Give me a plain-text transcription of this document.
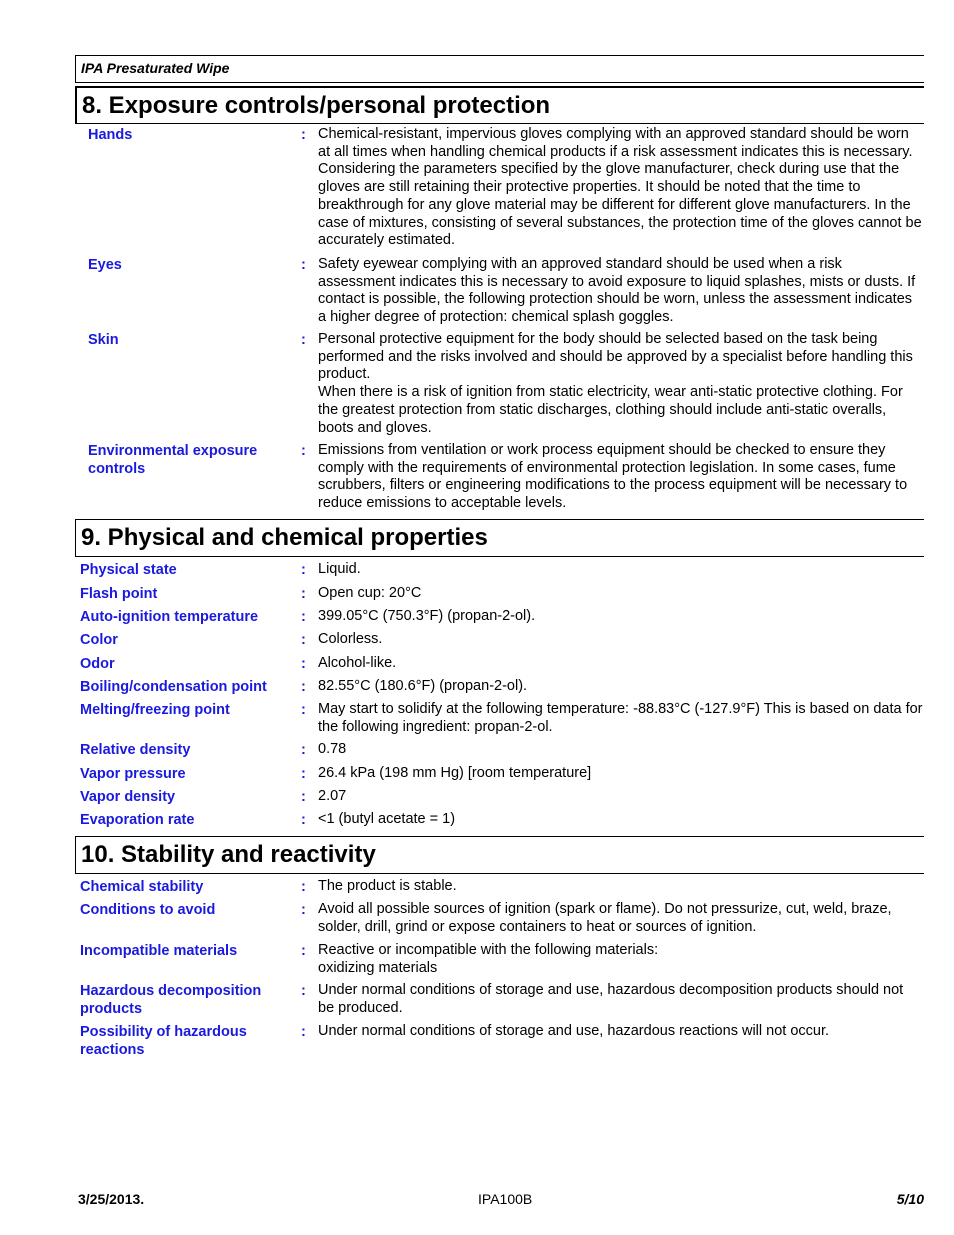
IPA Presaturated Wipe
8. Exposure controls/personal protection
Hands	: Chemical-resistant, impervious gloves complying with an approved standard should be worn at all times when handling chemical products if a risk assessment indicates this is necessary. Considering the parameters specified by the glove manufacturer, check during use that the gloves are still retaining their protective properties. It should be noted that the time to breakthrough for any glove material may be different for different glove manufacturers. In the case of mixtures, consisting of several substances, the protection time of the gloves cannot be accurately estimated.
Eyes	: Safety eyewear complying with an approved standard should be used when a risk assessment indicates this is necessary to avoid exposure to liquid splashes, mists or dusts. If contact is possible, the following protection should be worn, unless the assessment indicates a higher degree of protection: chemical splash goggles.
Skin	: Personal protective equipment for the body should be selected based on the task being performed and the risks involved and should be approved by a specialist before handling this product.
When there is a risk of ignition from static electricity, wear anti-static protective clothing. For the greatest protection from static discharges, clothing should include anti-static overalls, boots and gloves.
Environmental exposure controls
: Emissions from ventilation or work process equipment should be checked to ensure they comply with the requirements of environmental protection legislation. In some cases, fume scrubbers, filters or engineering modifications to the process equipment will be necessary to reduce emissions to acceptable levels.
9. Physical and chemical properties
Physical state	: Liquid.
Flash point	: Open cup: 20°C
Auto-ignition temperature	: 399.05°C (750.3°F) (propan-2-ol).
Color	: Colorless.
Odor	: Alcohol-like.
Boiling/condensation point	: 82.55°C (180.6°F) (propan-2-ol).
Melting/freezing point	: May start to solidify at the following temperature: -88.83°C (-127.9°F) This is based on data for the following ingredient: propan-2-ol.
Relative density	: 0.78
Vapor pressure	: 26.4 kPa (198 mm Hg) [room temperature]
Vapor density	: 2.07
Evaporation rate	: <1 (butyl acetate = 1)
10. Stability and reactivity
Chemical stability	: The product is stable.
Conditions to avoid	: Avoid all possible sources of ignition (spark or flame). Do not pressurize, cut, weld, braze, solder, drill, grind or expose containers to heat or sources of ignition.
Incompatible materials	: Reactive or incompatible with the following materials:
oxidizing materials
Hazardous decomposition products
: Under normal conditions of storage and use, hazardous decomposition products should not be produced.
Possibility of hazardous reactions
: Under normal conditions of storage and use, hazardous reactions will not occur.
3/25/2013.	IPA100B	5/10
